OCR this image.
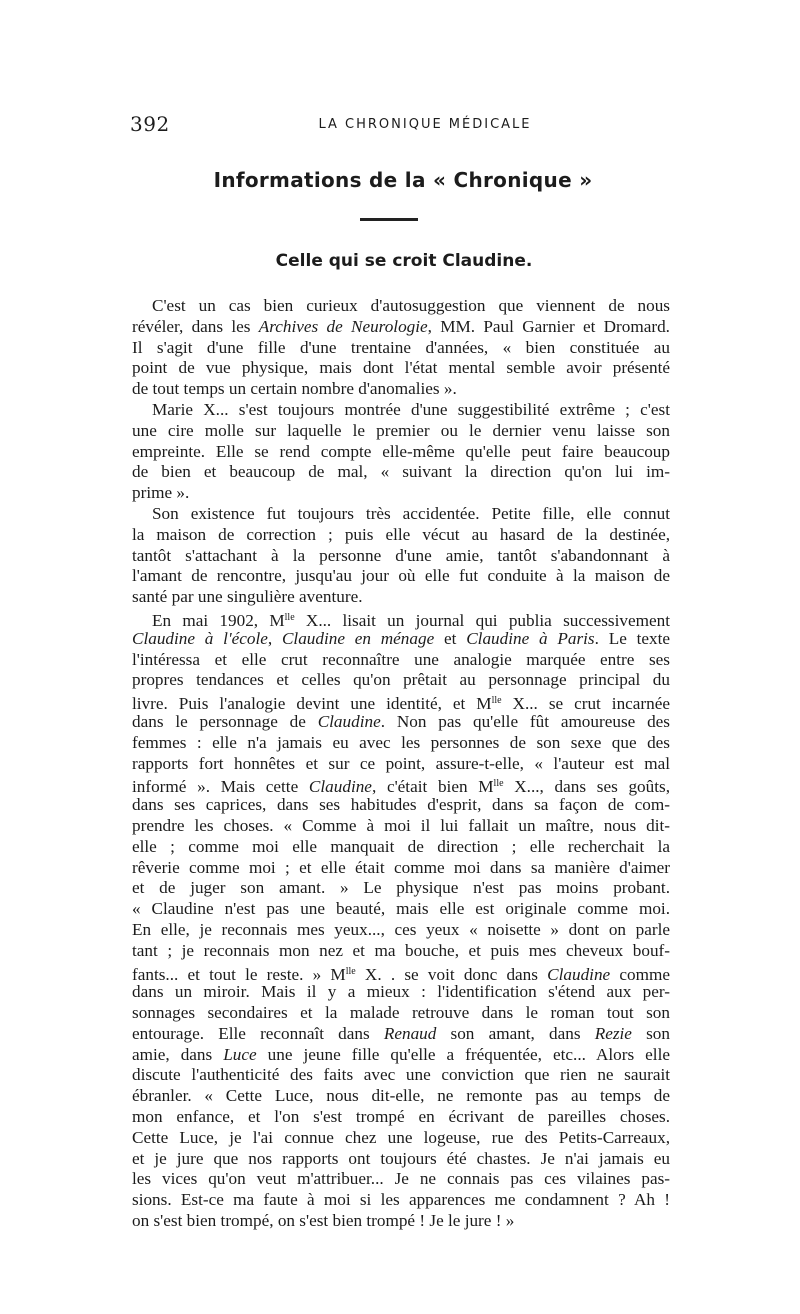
392	LA CHRONIQUE MÉDICALE
Informations de la « Chronique »
Celle qui se croit Claudine.
C'est un cas bien curieux d'autosuggestion que viennent de nous
révéler, dans les Archives de Neurologie, MM. Paul Garnier et Dromard.
Il s'agit d'une fille d'une trentaine d'années, « bien constituée au
point de vue physique, mais dont l'état mental semble avoir présenté
de tout temps un certain nombre d'anomalies ».
Marie X... s'est toujours montrée d'une suggestibilité extrême ; c'est
une cire molle sur laquelle le premier ou le dernier venu laisse son
empreinte. Elle se rend compte elle-même qu'elle peut faire beaucoup
de bien et beaucoup de mal, « suivant la direction qu'on lui im-
prime ».
Son existence fut toujours très accidentée. Petite fille, elle connut
la maison de correction ; puis elle vécut au hasard de la destinée,
tantôt s'attachant à la personne d'une amie, tantôt s'abandonnant à
l'amant de rencontre, jusqu'au jour où elle fut conduite à la maison de
santé par une singulière aventure.
En mai 1902, $M^{lle}$ X... lisait un journal qui publia successivement
Claudine à l'école, Claudine en ménage et Claudine à Paris. Le texte
l'intéressa et elle crut reconnaître une analogie marquée entre ses
propres tendances et celles qu'on prêtait au personnage principal du
livre. Puis l'analogie devint une identité, et $M^{lle}$ X... se crut incarnée
dans le personnage de Claudine. Non pas qu'elle fût amoureuse des
femmes : elle n'a jamais eu avec les personnes de son sexe que des
rapports fort honnêtes et sur ce point, assure-t-elle, « l'auteur est mal
informé ». Mais cette Claudine, c'était bien $M^{lle}$ X..., dans ses goûts,
dans ses caprices, dans ses habitudes d'esprit, dans sa façon de com-
prendre les choses. « Comme à moi il lui fallait un maître, nous dit-
elle ; comme moi elle manquait de direction ; elle recherchait la
rêverie comme moi ; et elle était comme moi dans sa manière d'aimer
et de juger son amant. » Le physique n'est pas moins probant.
« Claudine n'est pas une beauté, mais elle est originale comme moi.
En elle, je reconnais mes yeux..., ces yeux « noisette » dont on parle
tant ; je reconnais mon nez et ma bouche, et puis mes cheveux bouf-
fants... et tout le reste. » $M^{lle}$ X. . se voit donc dans Claudine comme
dans un miroir. Mais il y a mieux : l'identification s'étend aux per-
sonnages secondaires et la malade retrouve dans le roman tout son
entourage. Elle reconnaît dans Renaud son amant, dans Rezie son
amie, dans Luce une jeune fille qu'elle a fréquentée, etc... Alors elle
discute l'authenticité des faits avec une conviction que rien ne saurait
ébranler. « Cette Luce, nous dit-elle, ne remonte pas au temps de
mon enfance, et l'on s'est trompé en écrivant de pareilles choses.
Cette Luce, je l'ai connue chez une logeuse, rue des Petits-Carreaux,
et je jure que nos rapports ont toujours été chastes. Je n'ai jamais eu
les vices qu'on veut m'attribuer... Je ne connais pas ces vilaines pas-
sions. Est-ce ma faute à moi si les apparences me condamnent ? Ah !
on s'est bien trompé, on s'est bien trompé ! Je le jure ! »
